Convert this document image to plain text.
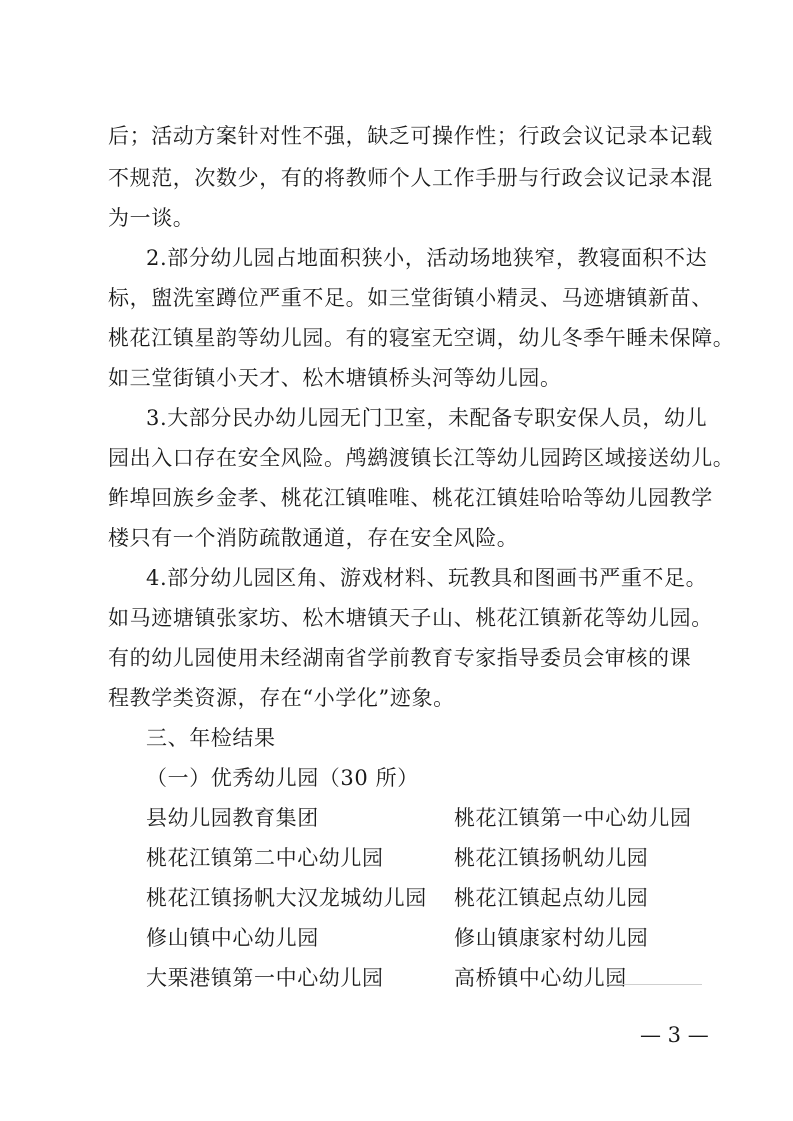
后；活动方案针对性不强，缺乏可操作性；行政会议记录本记载
不规范，次数少，有的将教师个人工作手册与行政会议记录本混
为一谈。
2.部分幼儿园占地面积狭小，活动场地狭窄，教寝面积不达
标，盥洗室蹲位严重不足。如三堂街镇小精灵、马迹塘镇新苗、
桃花江镇星韵等幼儿园。有的寝室无空调，幼儿冬季午睡未保障。
如三堂街镇小天才、松木塘镇桥头河等幼儿园。
3.大部分民办幼儿园无门卫室，未配备专职安保人员，幼儿
园出入口存在安全风险。鸬鹚渡镇长江等幼儿园跨区域接送幼儿。
鲊埠回族乡金孝、桃花江镇唯唯、桃花江镇娃哈哈等幼儿园教学
楼只有一个消防疏散通道，存在安全风险。
4.部分幼儿园区角、游戏材料、玩教具和图画书严重不足。
如马迹塘镇张家坊、松木塘镇天子山、桃花江镇新花等幼儿园。
有的幼儿园使用未经湖南省学前教育专家指导委员会审核的课
程教学类资源，存在“小学化”迹象。
三、年检结果
（一）优秀幼儿园（30 所）
县幼儿园教育集团	桃花江镇第一中心幼儿园
桃花江镇第二中心幼儿园	桃花江镇扬帆幼儿园
桃花江镇扬帆大汉龙城幼儿园 桃花江镇起点幼儿园
修山镇中心幼儿园	修山镇康家村幼儿园
大栗港镇第一中心幼儿园	高桥镇中心幼儿园
— 3 —
